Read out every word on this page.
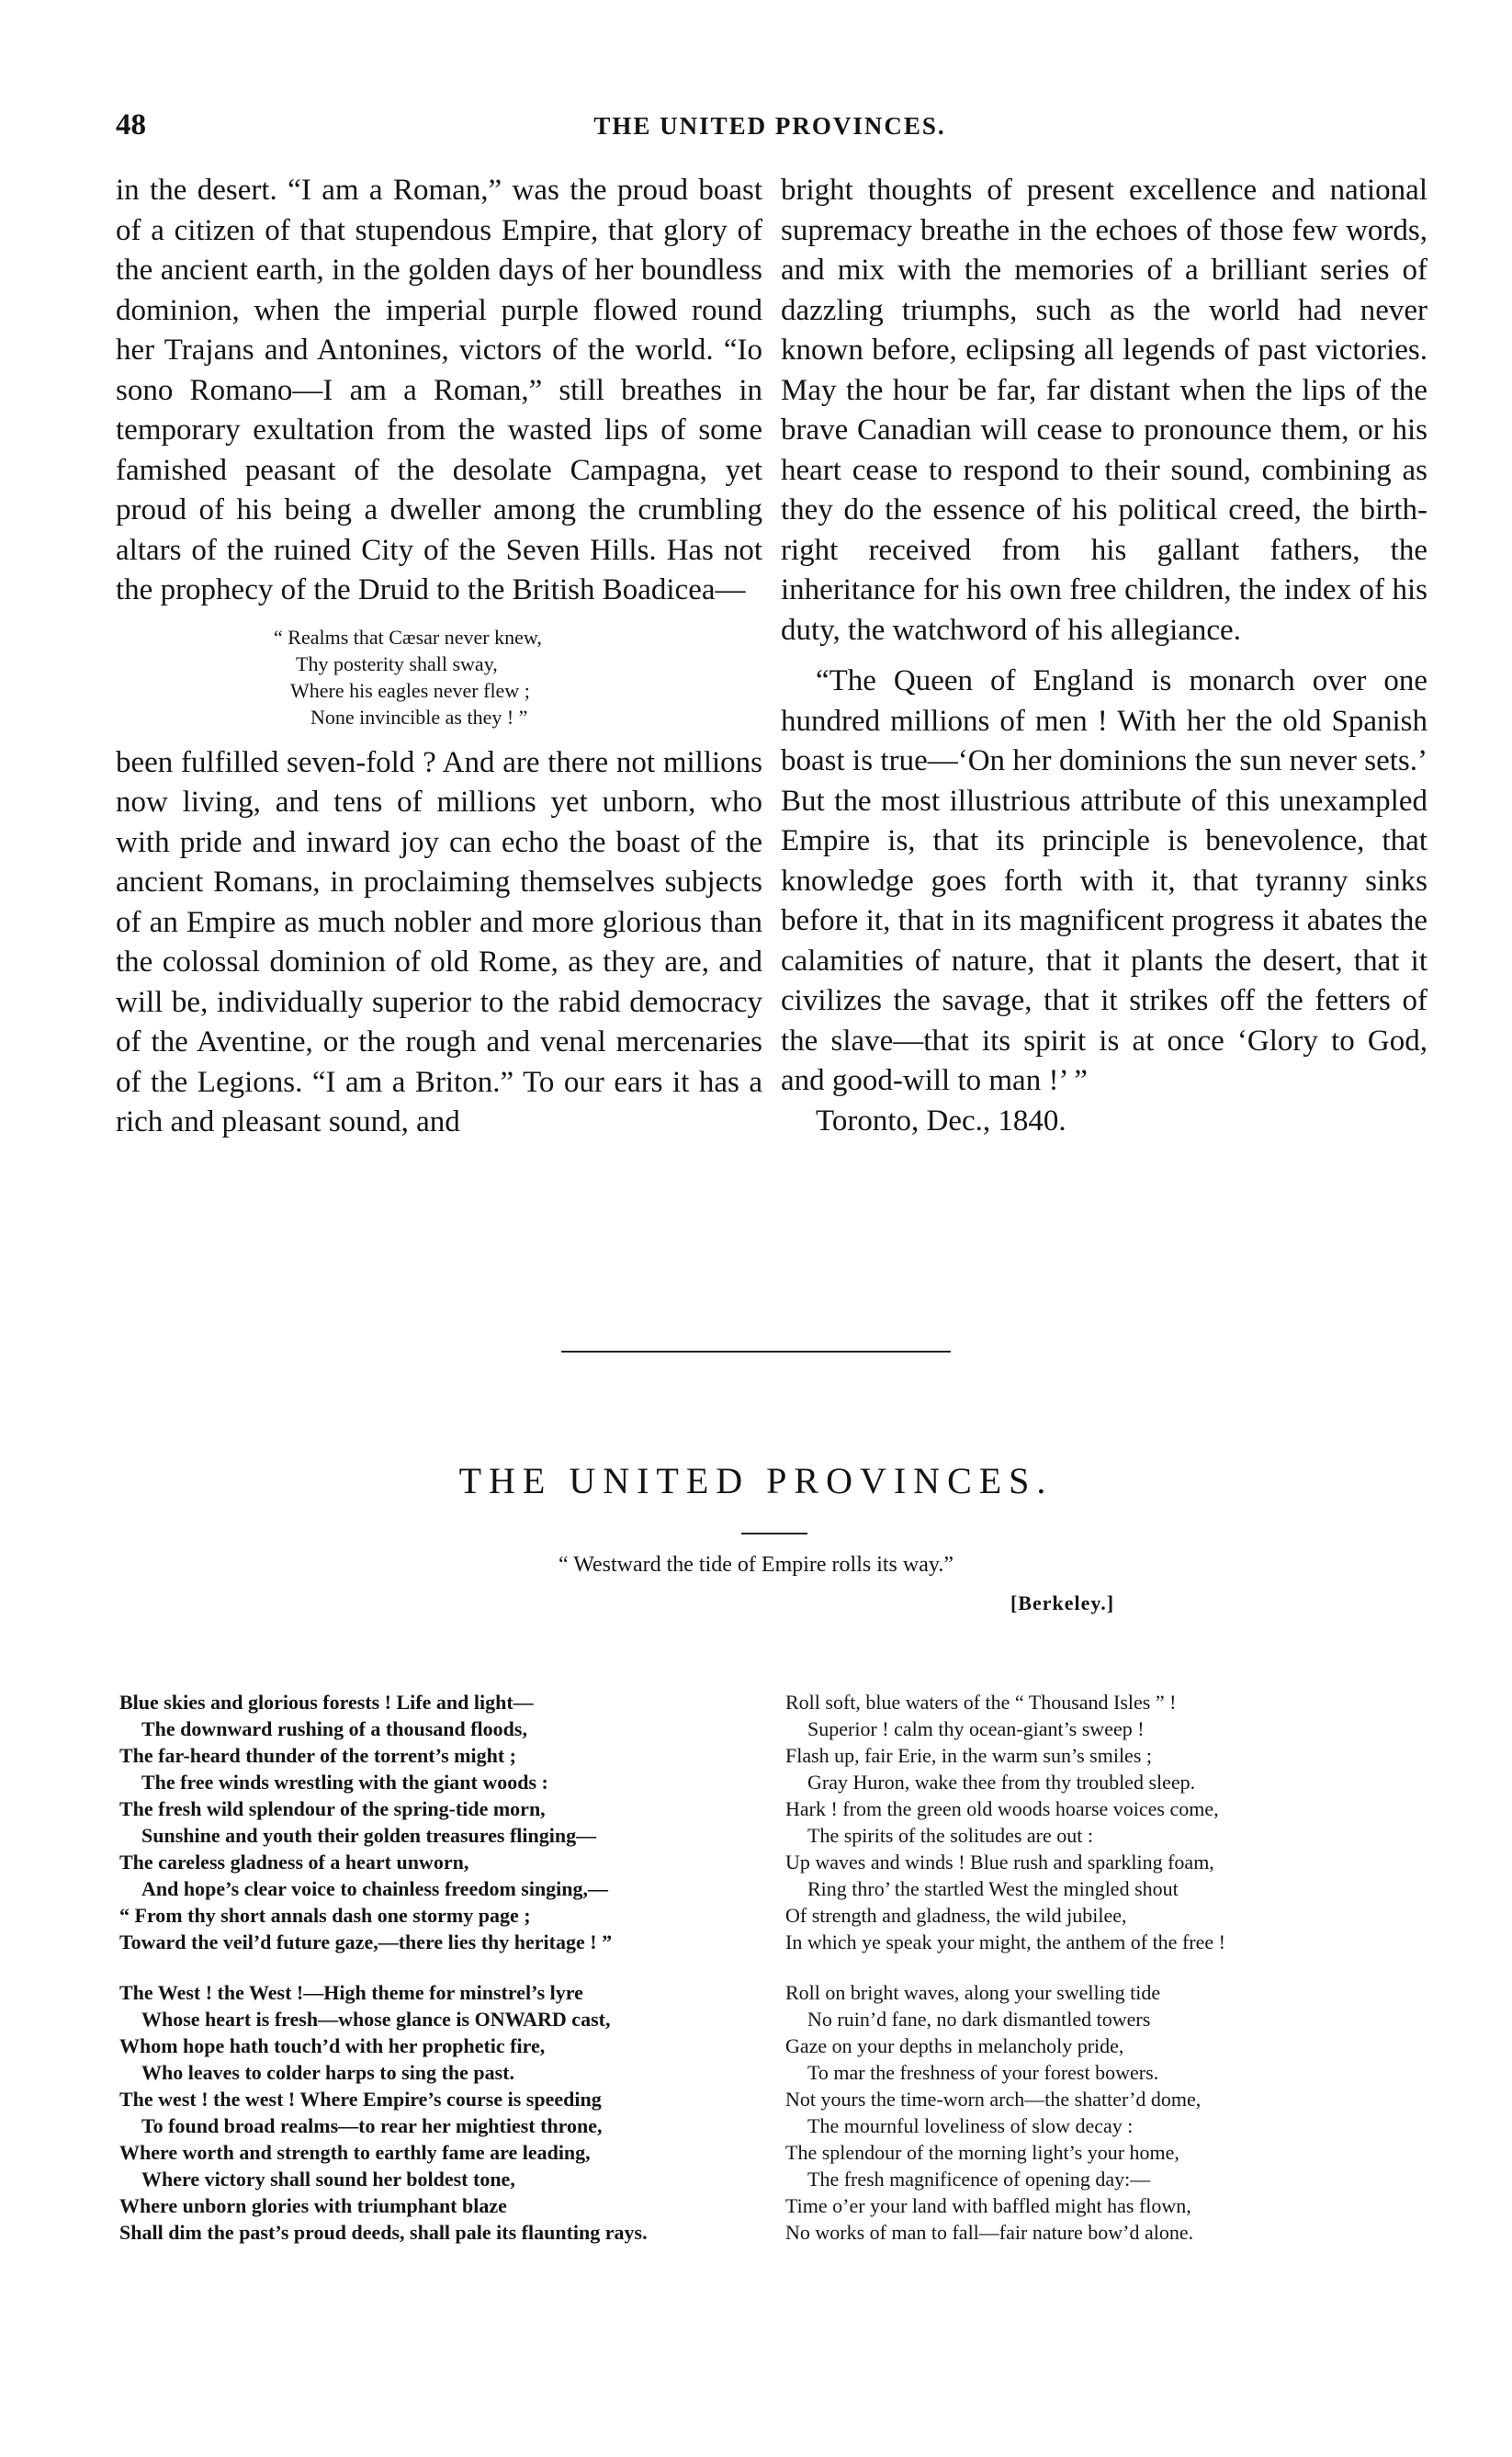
48	THE UNITED PROVINCES.

in the desert. “I am a Roman,” was the proud boast of a citizen of that stupendous Empire, that glory of the ancient earth, in the golden days of her boundless dominion, when the imperial purple flowed round her Trajans and Antonines, victors of the world. “Io sono Romano—I am a Roman,” still breathes in temporary exultation from the wasted lips of some famished peasant of the desolate Campagna, yet proud of his being a dweller among the crumbling altars of the ruined City of the Seven Hills. Has not the prophecy of the Druid to the British Boadicea—

“ Realms that Cæsar never knew,
Thy posterity shall sway,
Where his eagles never flew ;
None invincible as they ! ”

been fulfilled seven-fold ? And are there not millions now living, and tens of millions yet unborn, who with pride and inward joy can echo the boast of the ancient Romans, in proclaiming themselves subjects of an Empire as much nobler and more glorious than the colossal dominion of old Rome, as they are, and will be, individually superior to the rabid democracy of the Aventine, or the rough and venal mercenaries of the Legions. “I am a Briton.” To our ears it has a rich and pleasant sound, and

bright thoughts of present excellence and national supremacy breathe in the echoes of those few words, and mix with the memories of a brilliant series of dazzling triumphs, such as the world had never known before, eclipsing all legends of past victories. May the hour be far, far distant when the lips of the brave Canadian will cease to pronounce them, or his heart cease to respond to their sound, combining as they do the essence of his political creed, the birth-right received from his gallant fathers, the inheritance for his own free children, the index of his duty, the watchword of his allegiance.

“The Queen of England is monarch over one hundred millions of men ! With her the old Spanish boast is true—‘On her dominions the sun never sets.’ But the most illustrious attribute of this unexampled Empire is, that its principle is benevolence, that knowledge goes forth with it, that tyranny sinks before it, that in its magnificent progress it abates the calamities of nature, that it plants the desert, that it civilizes the savage, that it strikes off the fetters of the slave—that its spirit is at once ‘Glory to God, and good-will to man !’ ”

Toronto, Dec., 1840.

THE UNITED PROVINCES.
“ Westward the tide of Empire rolls its way.”
[Berkeley.]
Blue skies and glorious forests ! Life and light—
The downward rushing of a thousand floods,
The far-heard thunder of the torrent’s might ;
The free winds wrestling with the giant woods :
The fresh wild splendour of the spring-tide morn,
Sunshine and youth their golden treasures flinging—
The careless gladness of a heart unworn,
And hope’s clear voice to chainless freedom singing,—
“ From thy short annals dash one stormy page ;
Toward the veil’d future gaze,—there lies thy heritage ! ”
The West ! the West !—High theme for minstrel’s lyre
Whose heart is fresh—whose glance is ONWARD cast,
Whom hope hath touch’d with her prophetic fire,
Who leaves to colder harps to sing the past.
The west ! the west ! Where Empire’s course is speeding
To found broad realms—to rear her mightiest throne,
Where worth and strength to earthly fame are leading,
Where victory shall sound her boldest tone,
Where unborn glories with triumphant blaze
Shall dim the past’s proud deeds, shall pale its flaunting rays.
Roll soft, blue waters of the “ Thousand Isles ” !
Superior ! calm thy ocean-giant’s sweep !
Flash up, fair Erie, in the warm sun’s smiles ;
Gray Huron, wake thee from thy troubled sleep.
Hark ! from the green old woods hoarse voices come,
The spirits of the solitudes are out :
Up waves and winds ! Blue rush and sparkling foam,
Ring thro’ the startled West the mingled shout
Of strength and gladness, the wild jubilee,
In which ye speak your might, the anthem of the free !
Roll on bright waves, along your swelling tide
No ruin’d fane, no dark dismantled towers
Gaze on your depths in melancholy pride,
To mar the freshness of your forest bowers.
Not yours the time-worn arch—the shatter’d dome,
The mournful loveliness of slow decay :
The splendour of the morning light’s your home,
The fresh magnificence of opening day:—
Time o’er your land with baffled might has flown,
No works of man to fall—fair nature bow’d alone.
